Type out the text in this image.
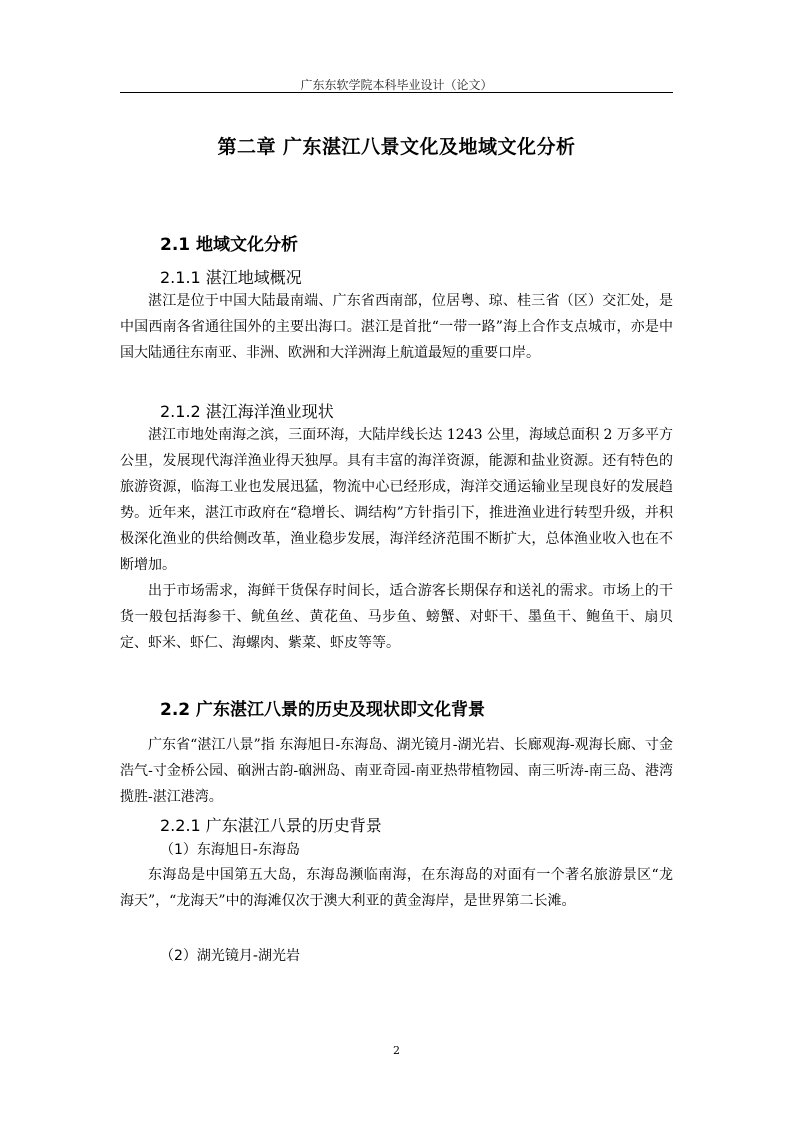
广东东软学院本科毕业设计（论文）
第二章 广东湛江八景文化及地域文化分析
2.1 地域文化分析
2.1.1 湛江地域概况

湛江是位于中国大陆最南端、广东省西南部，位居粤、琼、桂三省（区）交汇处，是中国西南各省通往国外的主要出海口。湛江是首批“一带一路”海上合作支点城市，亦是中国大陆通往东南亚、非洲、欧洲和大洋洲海上航道最短的重要口岸。

2.1.2 湛江海洋渔业现状

湛江市地处南海之滨，三面环海，大陆岸线长达 1243 公里，海域总面积 2 万多平方公里，发展现代海洋渔业得天独厚。具有丰富的海洋资源，能源和盐业资源。还有特色的旅游资源，临海工业也发展迅猛，物流中心已经形成，海洋交通运输业呈现良好的发展趋势。近年来，湛江市政府在“稳增长、调结构”方针指引下，推进渔业进行转型升级，并积极深化渔业的供给侧改革，渔业稳步发展，海洋经济范围不断扩大，总体渔业收入也在不断增加。

出于市场需求，海鲜干货保存时间长，适合游客长期保存和送礼的需求。市场上的干货一般包括海参干、鱿鱼丝、黄花鱼、马步鱼、螃蟹、对虾干、墨鱼干、鲍鱼干、扇贝定、虾米、虾仁、海螺肉、紫菜、虾皮等等。

2.2 广东湛江八景的历史及现状即文化背景

广东省“湛江八景”指 东海旭日-东海岛、湖光镜月-湖光岩、长廊观海-观海长廊、寸金浩气-寸金桥公园、硇洲古韵-硇洲岛、南亚奇园-南亚热带植物园、南三听涛-南三岛、港湾揽胜-湛江港湾。

2.2.1 广东湛江八景的历史背景
（1）东海旭日-东海岛

东海岛是中国第五大岛，东海岛濒临南海，在东海岛的对面有一个著名旅游景区“龙海天”，“龙海天”中的海滩仅次于澳大利亚的黄金海岸，是世界第二长滩。

（2）湖光镜月-湖光岩
2
